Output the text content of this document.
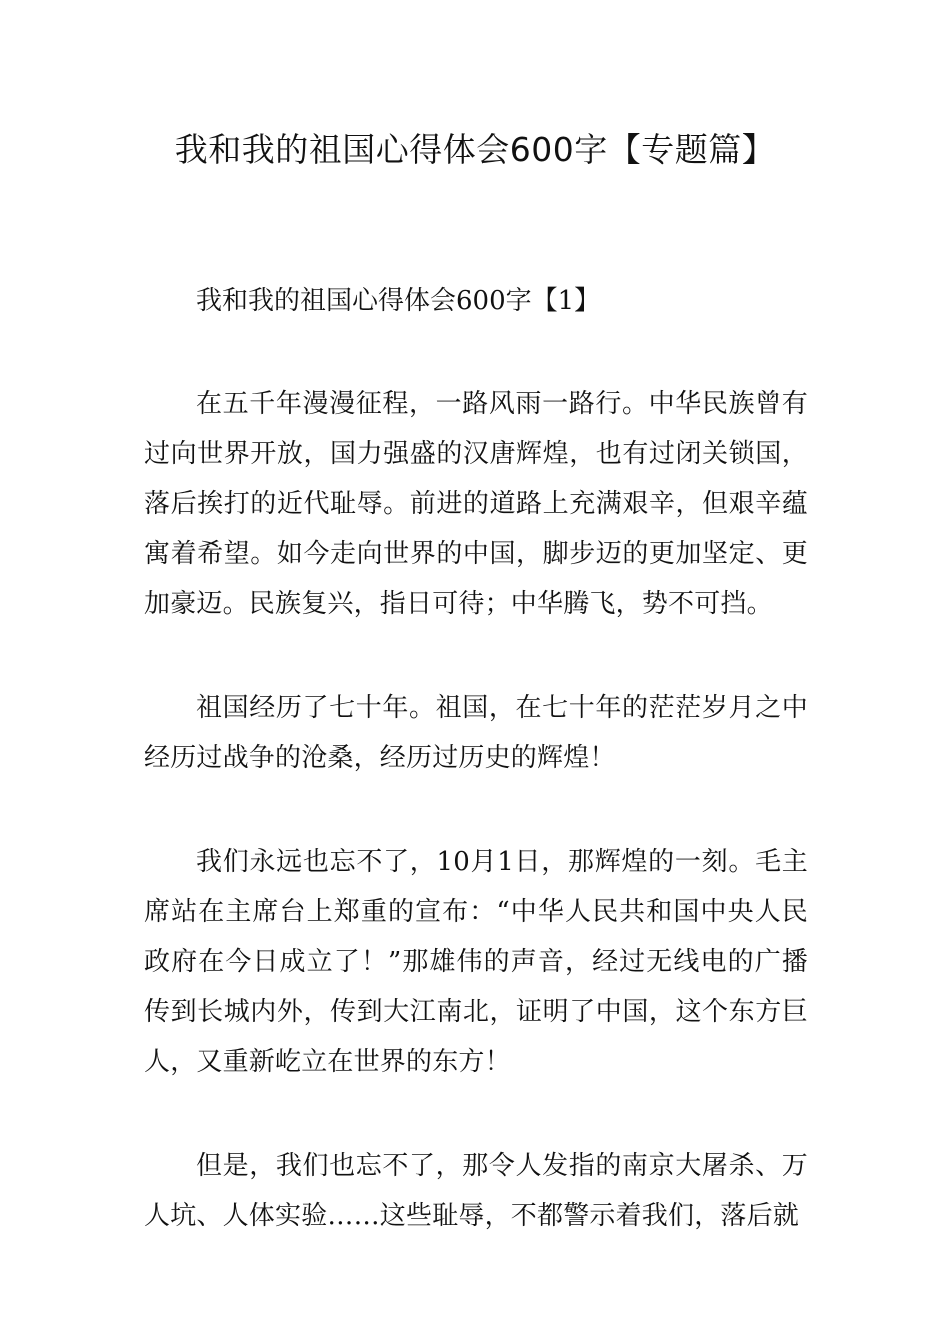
我和我的祖国心得体会600字【专题篇】

我和我的祖国心得体会600字【1】

在五千年漫漫征程，一路风雨一路行。中华民族曾有过向世界开放，国力强盛的汉唐辉煌，也有过闭关锁国，落后挨打的近代耻辱。前进的道路上充满艰辛，但艰辛蕴寓着希望。如今走向世界的中国，脚步迈的更加坚定、更加豪迈。民族复兴，指日可待；中华腾飞，势不可挡。

祖国经历了七十年。祖国，在七十年的茫茫岁月之中经历过战争的沧桑，经历过历史的辉煌！

我们永远也忘不了，10月1日，那辉煌的一刻。毛主席站在主席台上郑重的宣布：“中华人民共和国中央人民政府在今日成立了！”那雄伟的声音，经过无线电的广播传到长城内外，传到大江南北，证明了中国，这个东方巨人，又重新屹立在世界的东方！

但是，我们也忘不了，那令人发指的南京大屠杀、万人坑、人体实验……这些耻辱，不都警示着我们，落后就
